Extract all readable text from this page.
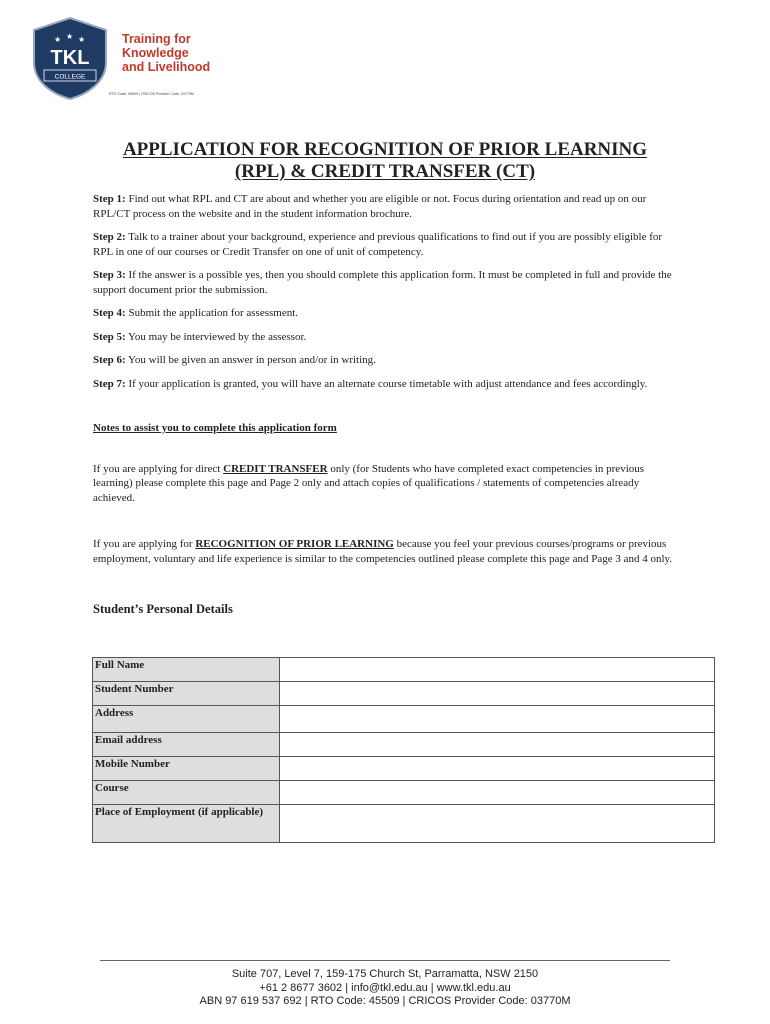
★ ★ ★
TKL
COLLEGE
Training for
Knowledge
and Livelihood
RTO Code: 45509 | CRICOS Provider Code: 03770M
APPLICATION FOR RECOGNITION OF PRIOR LEARNING
(RPL) & CREDIT TRANSFER (CT)

Step 1: Find out what RPL and CT are about and whether you are eligible or not. Focus during orientation and read up on our RPL/CT process on the website and in the student information brochure.

Step 2: Talk to a trainer about your background, experience and previous qualifications to find out if you are possibly eligible for RPL in one of our courses or Credit Transfer on one of unit of competency.

Step 3: If the answer is a possible yes, then you should complete this application form. It must be completed in full and provide the support document prior the submission.

Step 4: Submit the application for assessment.

Step 5: You may be interviewed by the assessor.

Step 6: You will be given an answer in person and/or in writing.

Step 7: If your application is granted, you will have an alternate course timetable with adjust attendance and fees accordingly.

Notes to assist you to complete this application form
If you are applying for direct CREDIT TRANSFER only (for Students who have completed exact competencies in previous learning) please complete this page and Page 2 only and attach copies of qualifications / statements of competencies already achieved.
If you are applying for RECOGNITION OF PRIOR LEARNING because you feel your previous courses/programs or previous employment, voluntary and life experience is similar to the competencies outlined please complete this page and Page 3 and 4 only.
Student’s Personal Details
Full Name	
Student Number	
Address	
Email address	
Mobile Number	
Course	
Place of Employment (if applicable)	
Suite 707, Level 7, 159-175 Church St, Parramatta, NSW 2150
+61 2 8677 3602 | info@tkl.edu.au | www.tkl.edu.au
ABN 97 619 537 692 | RTO Code: 45509 | CRICOS Provider Code: 03770M
